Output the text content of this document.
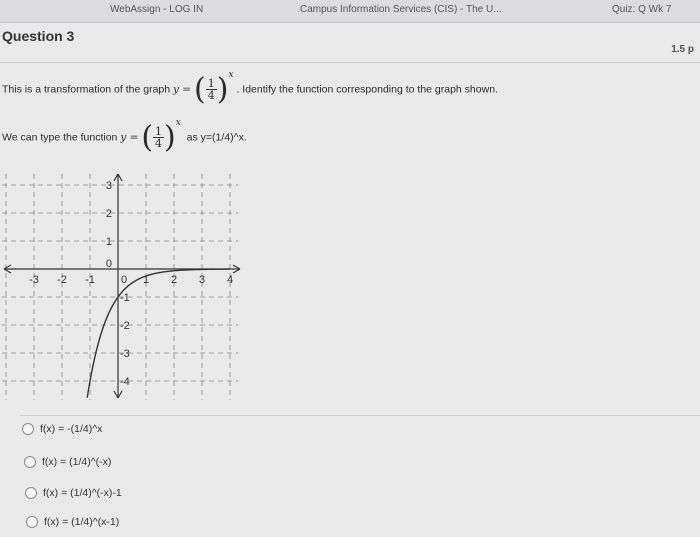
WebAssign - LOG IN	Campus Information Services (CIS) - The U...	Quiz: Q Wk 7
Question 3
1.5 p
This is a transformation of the graph y = ( $\frac{1}{4} )x$ . Identify the function corresponding to the graph shown.
We can type the function y = ( $\frac{1}{4} )x$  as y=(1/4)^x.
-3 -2 -1 0 1 2 3 4
3
2
1
0
-1
-2
-3
-4
f(x) = -(1/4)^x
f(x) = (1/4)^(-x)
f(x) = (1/4)^(-x)-1
f(x) = (1/4)^(x-1)
